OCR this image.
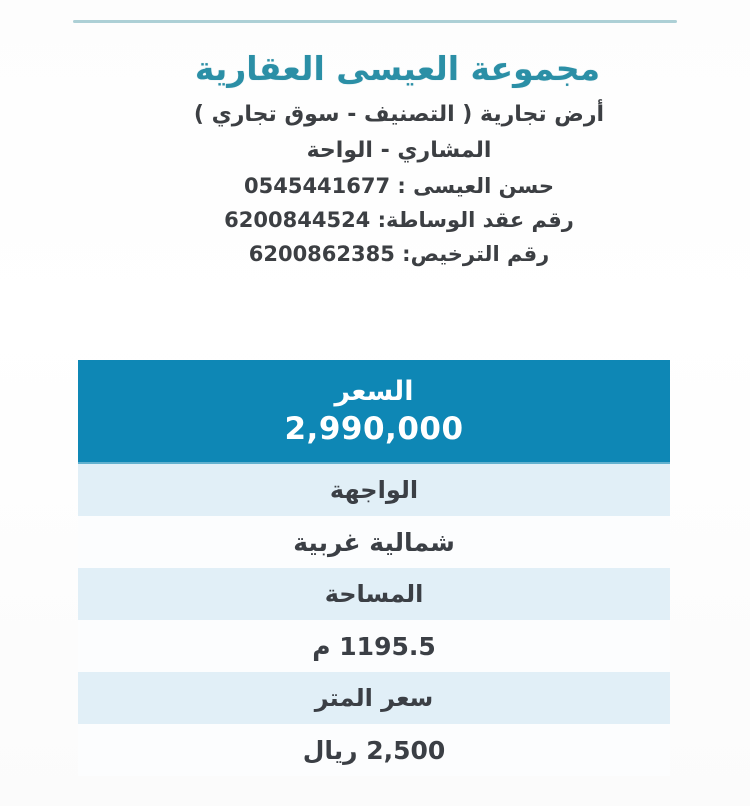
مجموعة العيسى العقارية

أرض تجارية ( التصنيف - سوق تجاري )

المشاري - الواحة

حسن العيسى : 0545441677

رقم عقد الوساطة: 6200844524

رقم الترخيص: 6200862385

السعر
2,990,000
الواجهة
شمالية غربية
المساحة
1195.5 م
سعر المتر
2,500 ريال
